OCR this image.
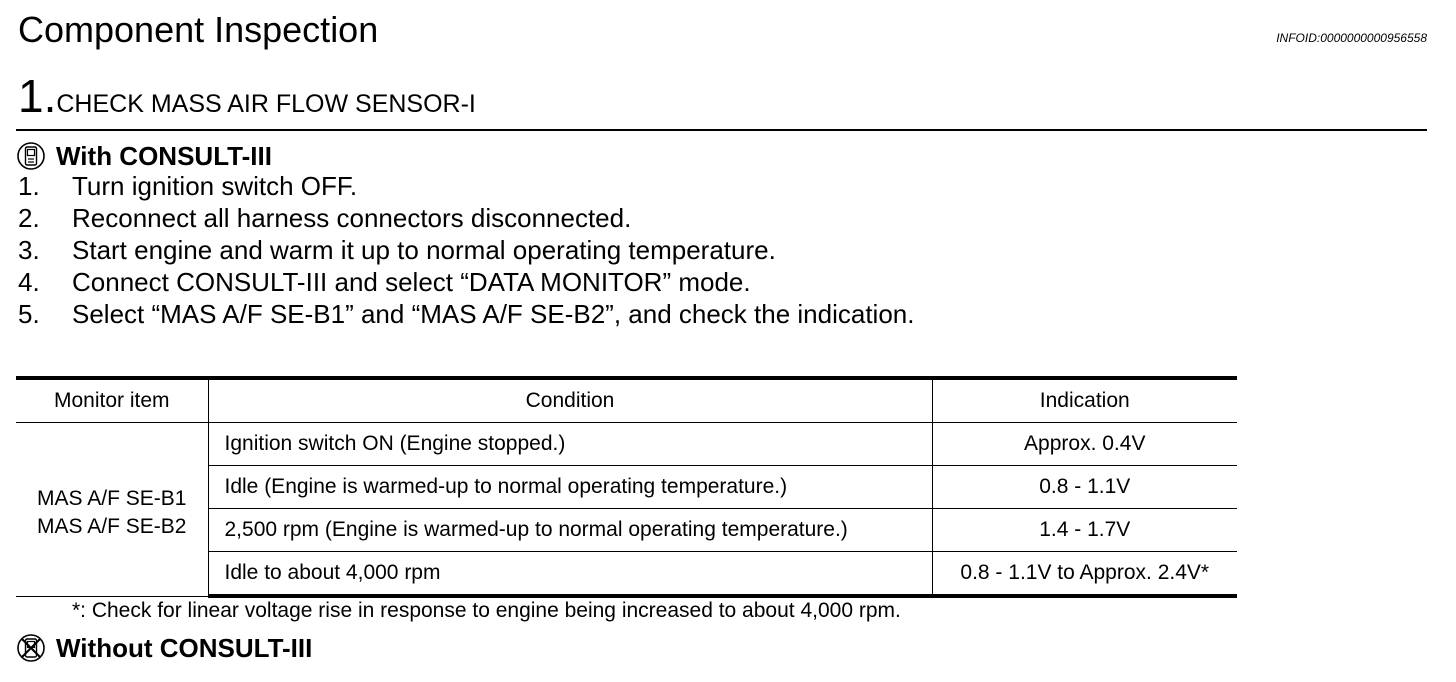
Component Inspection	INFOID:0000000000956558
1.CHECK MASS AIR FLOW SENSOR-I
With CONSULT-III
1.	Turn ignition switch OFF.
2.	Reconnect all harness connectors disconnected.
3.	Start engine and warm it up to normal operating temperature.
4.	Connect CONSULT-III and select “DATA MONITOR” mode.
5.	Select “MAS A/F SE-B1” and “MAS A/F SE-B2”, and check the indication.
Monitor item	Condition	Indication

MAS A/F SE-B1
MAS A/F SE-B2	Ignition switch ON (Engine stopped.)	Approx. 0.4V
	Idle (Engine is warmed-up to normal operating temperature.)	0.8 - 1.1V
	2,500 rpm (Engine is warmed-up to normal operating temperature.)	1.4 - 1.7V
	Idle to about 4,000 rpm	0.8 - 1.1V to Approx. 2.4V*
*: Check for linear voltage rise in response to engine being increased to about 4,000 rpm.
Without CONSULT-III
